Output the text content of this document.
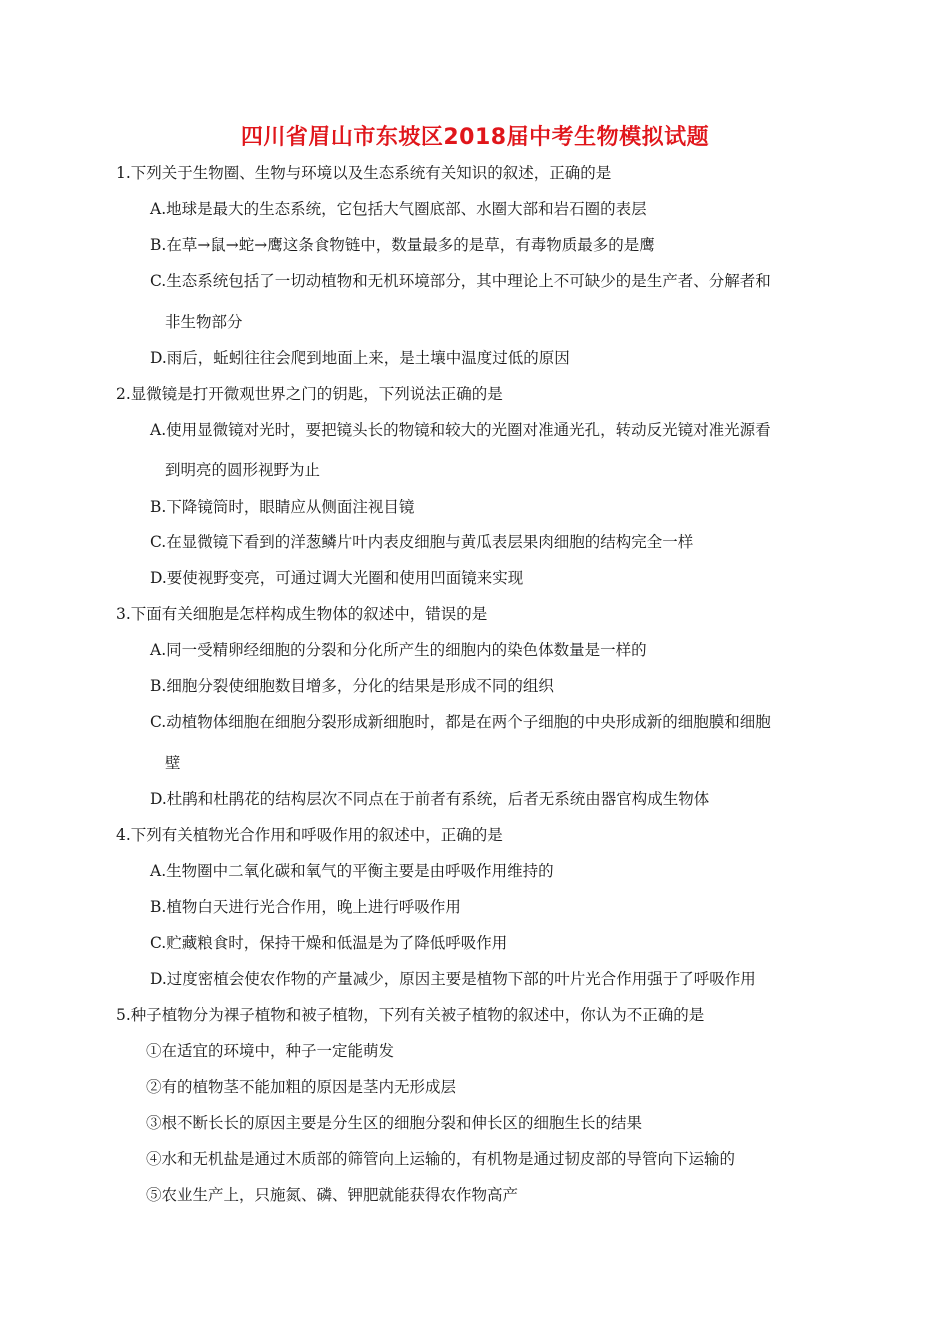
四川省眉山市东坡区2018届中考生物模拟试题
1.下列关于生物圈、生物与环境以及生态系统有关知识的叙述，正确的是
A.地球是最大的生态系统，它包括大气圈底部、水圈大部和岩石圈的表层
B.在草→鼠→蛇→鹰这条食物链中，数量最多的是草，有毒物质最多的是鹰
C.生态系统包括了一切动植物和无机环境部分，其中理论上不可缺少的是生产者、分解者和
非生物部分
D.雨后，蚯蚓往往会爬到地面上来，是土壤中温度过低的原因
2.显微镜是打开微观世界之门的钥匙，下列说法正确的是
A.使用显微镜对光时，要把镜头长的物镜和较大的光圈对准通光孔，转动反光镜对准光源看
到明亮的圆形视野为止
B.下降镜筒时，眼睛应从侧面注视目镜
C.在显微镜下看到的洋葱鳞片叶内表皮细胞与黄瓜表层果肉细胞的结构完全一样
D.要使视野变亮，可通过调大光圈和使用凹面镜来实现
3.下面有关细胞是怎样构成生物体的叙述中，错误的是
A.同一受精卵经细胞的分裂和分化所产生的细胞内的染色体数量是一样的
B.细胞分裂使细胞数目增多，分化的结果是形成不同的组织
C.动植物体细胞在细胞分裂形成新细胞时，都是在两个子细胞的中央形成新的细胞膜和细胞
壁
D.杜鹃和杜鹃花的结构层次不同点在于前者有系统，后者无系统由器官构成生物体
4.下列有关植物光合作用和呼吸作用的叙述中，正确的是
A.生物圈中二氧化碳和氧气的平衡主要是由呼吸作用维持的
B.植物白天进行光合作用，晚上进行呼吸作用
C.贮藏粮食时，保持干燥和低温是为了降低呼吸作用
D.过度密植会使农作物的产量减少，原因主要是植物下部的叶片光合作用强于了呼吸作用
5.种子植物分为裸子植物和被子植物，下列有关被子植物的叙述中，你认为不正确的是
①在适宜的环境中，种子一定能萌发
②有的植物茎不能加粗的原因是茎内无形成层
③根不断长长的原因主要是分生区的细胞分裂和伸长区的细胞生长的结果
④水和无机盐是通过木质部的筛管向上运输的，有机物是通过韧皮部的导管向下运输的
⑤农业生产上，只施氮、磷、钾肥就能获得农作物高产
